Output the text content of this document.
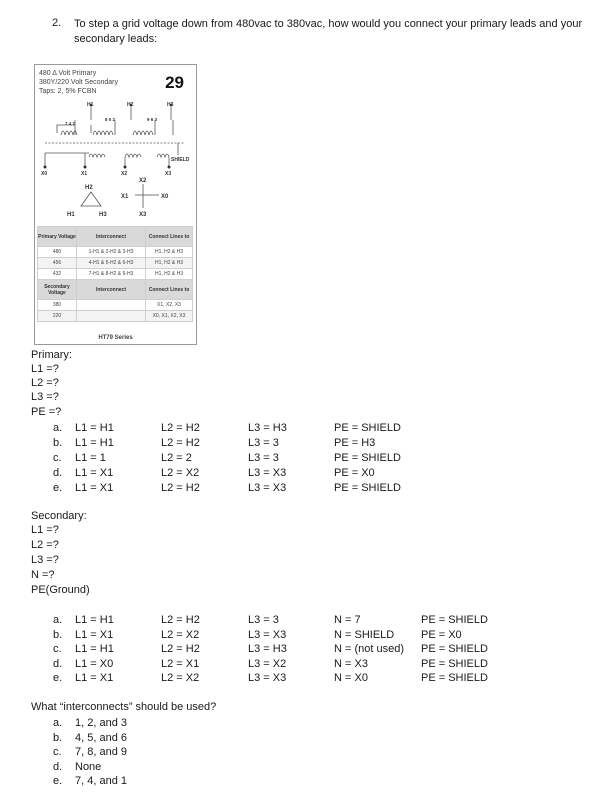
2. To step a grid voltage down from 480vac to 380vac, how would you connect your primary leads and your secondary leads:
480 Δ Volt Primary
380Y/220 Volt Secondary
Taps: 2, 5% FCBN	29
H1	H2	H3
7 4 1
8 5 2	9 6 3
SHIELD
X0	X1	X2	X3
H1
H2
H3
X0
X1
X2
X3
Primary Voltage	Interconnect	Connect Lines to
480	1-H1 & 2-H2 & 3-H3	H1, H2 & H3
456	4-H1 & 5-H2 & 6-H3	H1, H2 & H3
432	7-H1 & 8-H2 & 9-H3	H1, H2 & H3
Secondary Voltage	Interconnect	Connect Lines to
380		X1, X2, X3
220		X0, X1, X2, X3
HT79 Series
Primary:
L1 =?
L2 =?
L3 =?
PE =?
a. L1 = H1	L2 = H2	L3 = H3	PE = SHIELD
b. L1 = H1	L2 = H2	L3 = 3	PE = H3
c. L1 = 1	L2 = 2	L3 = 3	PE = SHIELD
d. L1 = X1	L2 = X2	L3 = X3	PE = X0
e. L1 = X1	L2 = H2	L3 = X3	PE = SHIELD
Secondary:
L1 =?
L2 =?
L3 =?
N =?
PE(Ground)
a. L1 = H1	L2 = H2	L3 = 3	N = 7	PE = SHIELD
b. L1 = X1	L2 = X2	L3 = X3	N = SHIELD PE = X0
c. L1 = H1	L2 = H2	L3 = H3	N = (not used) PE = SHIELD
d. L1 = X0	L2 = X1	L3 = X2	N = X3	PE = SHIELD
e. L1 = X1	L2 = X2	L3 = X3	N = X0	PE = SHIELD
What “interconnects” should be used?
a. 1, 2, and 3
b. 4, 5, and 6
c. 7, 8, and 9
d. None
e. 7, 4, and 1
